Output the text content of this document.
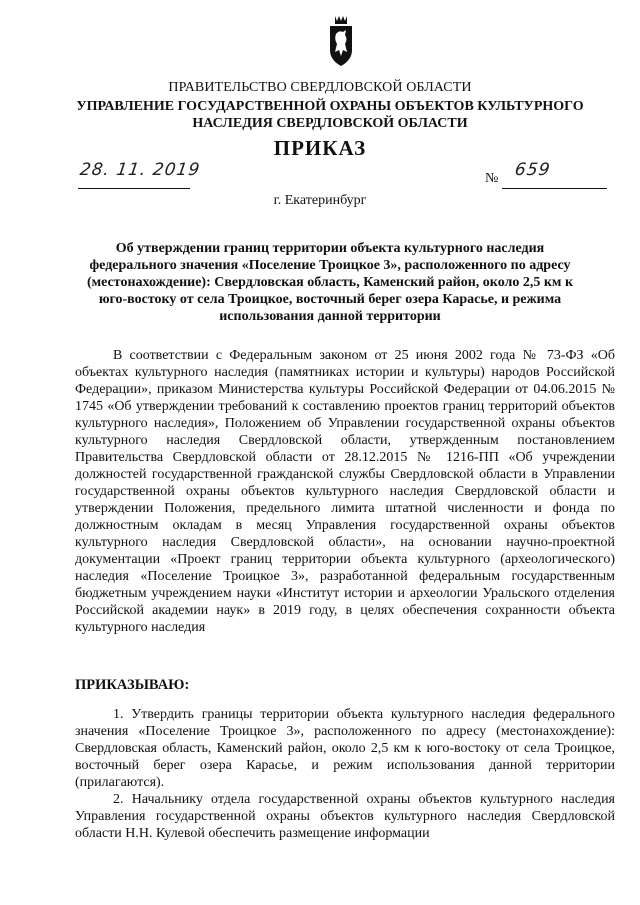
ПРАВИТЕЛЬСТВО СВЕРДЛОВСКОЙ ОБЛАСТИ
УПРАВЛЕНИЕ ГОСУДАРСТВЕННОЙ ОХРАНЫ ОБЪЕКТОВ КУЛЬТУРНОГО НАСЛЕДИЯ СВЕРДЛОВСКОЙ ОБЛАСТИ
ПРИКАЗ
28. 11. 2019	№ 659
г. Екатеринбург
Об утверждении границ территории объекта культурного наследия федерального значения «Поселение Троицкое 3», расположенного по адресу (местонахождение): Свердловская область, Каменский район, около 2,5 км к юго-востоку от села Троицкое, восточный берег озера Карасье, и режима использования данной территории
В соответствии с Федеральным законом от 25 июня 2002 года № 73-ФЗ «Об объектах культурного наследия (памятниках истории и культуры) народов Российской Федерации», приказом Министерства культуры Российской Федерации от 04.06.2015 № 1745 «Об утверждении требований к составлению проектов границ территорий объектов культурного наследия», Положением об Управлении государственной охраны объектов культурного наследия Свердловской области, утвержденным постановлением Правительства Свердловской области от 28.12.2015 № 1216-ПП «Об учреждении должностей государственной гражданской службы Свердловской области в Управлении государственной охраны объектов культурного наследия Свердловской области и утверждении Положения, предельного лимита штатной численности и фонда по должностным окладам в месяц Управления государственной охраны объектов культурного наследия Свердловской области», на основании научно-проектной документации «Проект границ территории объекта культурного (археологического) наследия «Поселение Троицкое 3», разработанной федеральным государственным бюджетным учреждением науки «Институт истории и археологии Уральского отделения Российской академии наук» в 2019 году, в целях обеспечения сохранности объекта культурного наследия
ПРИКАЗЫВАЮ:
1. Утвердить границы территории объекта культурного наследия федерального значения «Поселение Троицкое 3», расположенного по адресу (местонахождение): Свердловская область, Каменский район, около 2,5 км к юго-востоку от села Троицкое, восточный берег озера Карасье, и режим использования данной территории (прилагаются).
2. Начальнику отдела государственной охраны объектов культурного наследия Управления государственной охраны объектов культурного наследия Свердловской области Н.Н. Кулевой обеспечить размещение информации
